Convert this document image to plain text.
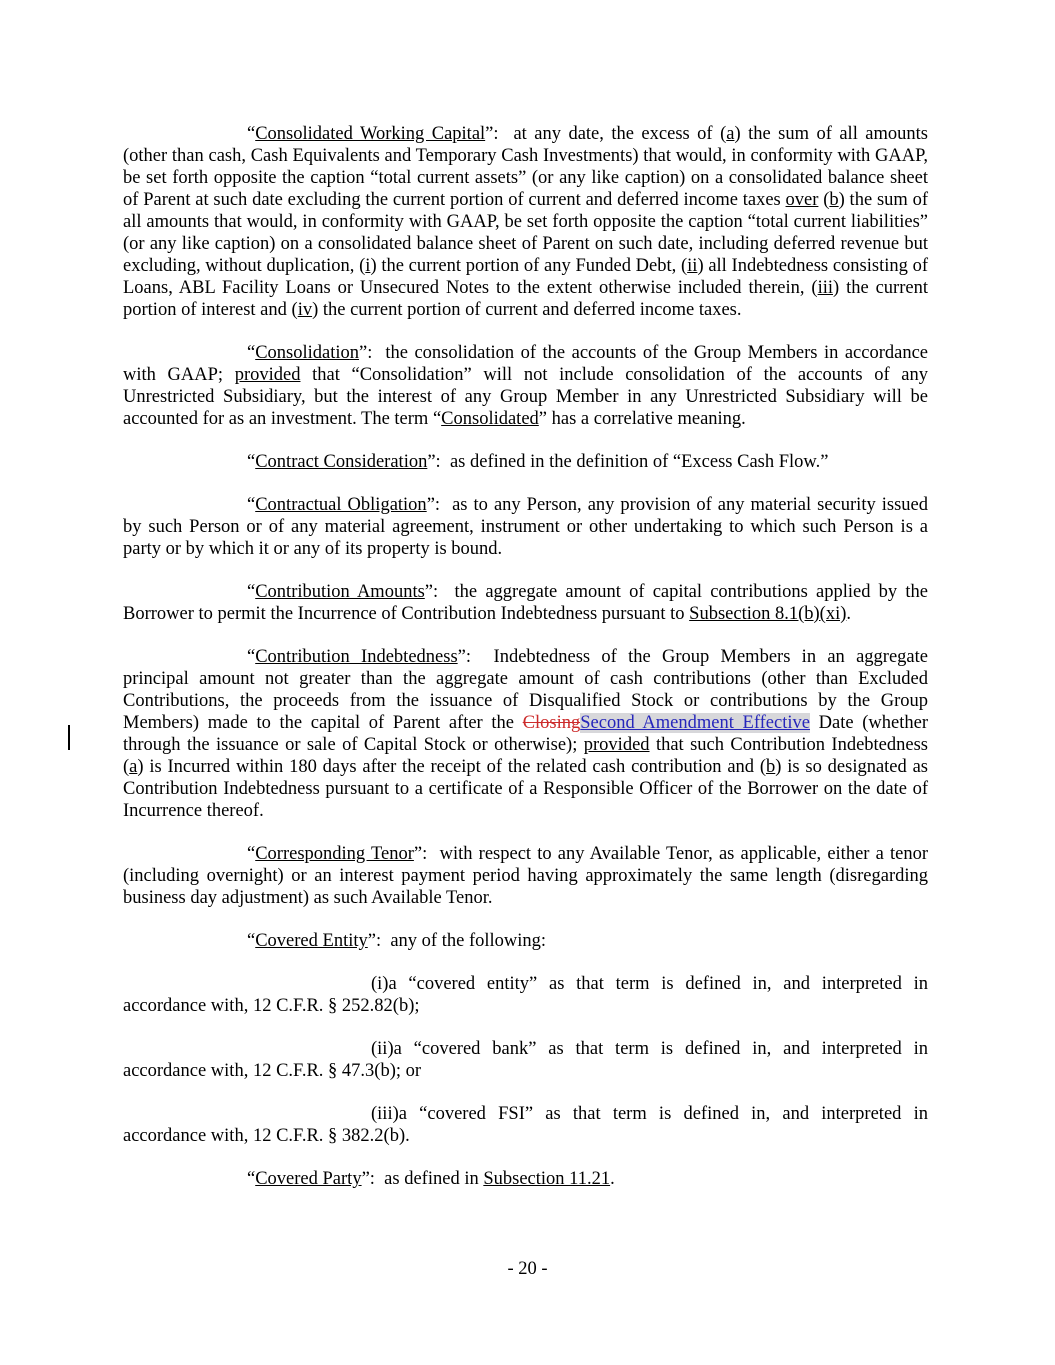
“Consolidated Working Capital”:  at any date, the excess of (a) the sum of all amounts (other than cash, Cash Equivalents and Temporary Cash Investments) that would, in conformity with GAAP, be set forth opposite the caption “total current assets” (or any like caption) on a consolidated balance sheet of Parent at such date excluding the current portion of current and deferred income taxes over (b) the sum of all amounts that would, in conformity with GAAP, be set forth opposite the caption “total current liabilities” (or any like caption) on a consolidated balance sheet of Parent on such date, including deferred revenue but excluding, without duplication, (i) the current portion of any Funded Debt, (ii) all Indebtedness consisting of Loans, ABL Facility Loans or Unsecured Notes to the extent otherwise included therein, (iii) the current portion of interest and (iv) the current portion of current and deferred income taxes.

“Consolidation”:  the consolidation of the accounts of the Group Members in accordance with GAAP; provided that “Consolidation” will not include consolidation of the accounts of any Unrestricted Subsidiary, but the interest of any Group Member in any Unrestricted Subsidiary will be accounted for as an investment. The term “Consolidated” has a correlative meaning.

“Contract Consideration”:  as defined in the definition of “Excess Cash Flow.”

“Contractual Obligation”:  as to any Person, any provision of any material security issued by such Person or of any material agreement, instrument or other undertaking to which such Person is a party or by which it or any of its property is bound.

“Contribution Amounts”:  the aggregate amount of capital contributions applied by the Borrower to permit the Incurrence of Contribution Indebtedness pursuant to Subsection 8.1(b)(xi).

“Contribution Indebtedness”:  Indebtedness of the Group Members in an aggregate principal amount not greater than the aggregate amount of cash contributions (other than Excluded Contributions, the proceeds from the issuance of Disqualified Stock or contributions by the Group Members) made to the capital of Parent after the ClosingSecond Amendment Effective Date (whether through the issuance or sale of Capital Stock or otherwise); provided that such Contribution Indebtedness (a) is Incurred within 180 days after the receipt of the related cash contribution and (b) is so designated as Contribution Indebtedness pursuant to a certificate of a Responsible Officer of the Borrower on the date of Incurrence thereof.

“Corresponding Tenor”:  with respect to any Available Tenor, as applicable, either a tenor (including overnight) or an interest payment period having approximately the same length (disregarding business day adjustment) as such Available Tenor.

“Covered Entity”:  any of the following:

(i)a “covered entity” as that term is defined in, and interpreted in accordance with, 12 C.F.R. § 252.82(b);

(ii)a “covered bank” as that term is defined in, and interpreted in accordance with, 12 C.F.R. § 47.3(b); or

(iii)a “covered FSI” as that term is defined in, and interpreted in accordance with, 12 C.F.R. § 382.2(b).

“Covered Party”:  as defined in Subsection 11.21.

- 20 -
